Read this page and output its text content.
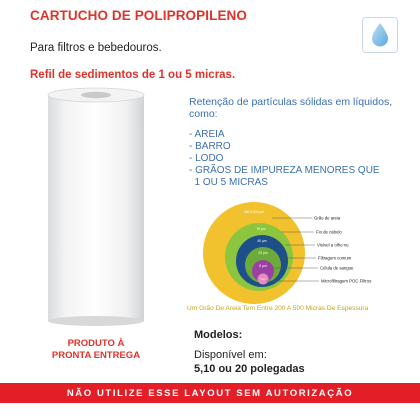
CARTUCHO DE POLIPROPILENO
Para filtros e bebedouros.
Refil de sedimentos de 1 ou 5 micras.
Retenção de partículas sólidas em líquidos, como:
- AREIA
- BARRO
- LODO
- GRÃOS DE IMPUREZA MENORES QUE
1 OU 5 MICRAS
200 a 500 µm
75 µm
40 µm
25 µm
8 µm
5 µm
Grão de areia
Fio de cabelo
Visível a olho nu
Filtragem comum
Célula de sangue
Microfiltragem POC Filtros
Um Grão De Areia Tem Entre 200 A 500 Micras De Espessura
PRODUTO À
PRONTA ENTREGA
Modelos:
Disponível em:
5,10 ou 20 polegadas
NÃO UTILIZE ESSE LAYOUT SEM AUTORIZAÇÃO
